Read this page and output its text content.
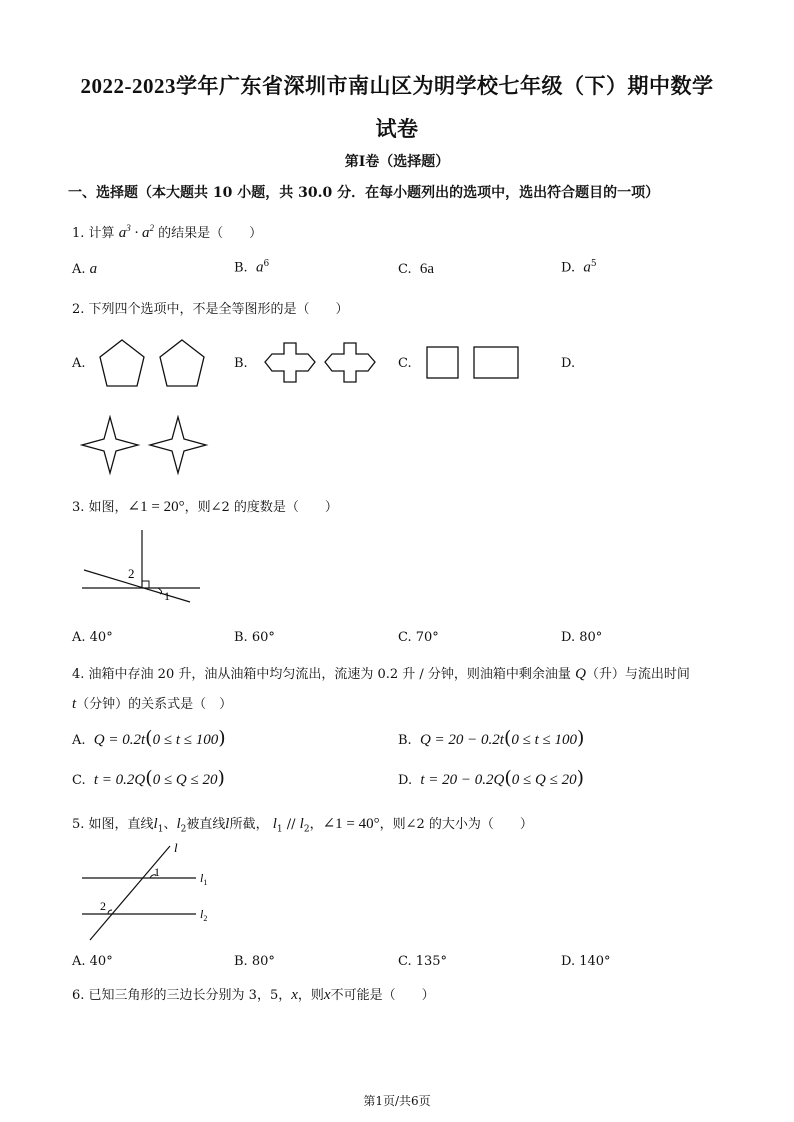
2022-2023学年广东省深圳市南山区为明学校七年级（下）期中数学
试卷
第I卷（选择题）
一、选择题（本大题共 10 小题，共 30.0 分．在每小题列出的选项中，选出符合题目的一项）
1. 计算 $a^3 \cdot a^2$ 的结果是（　　）
A. a	B. $a^6$	C. 6a	D. $a^5$
2. 下列四个选项中，不是全等图形的是（　　）
A.	B.	C.	D.
3. 如图，∠1 = 20°，则∠2 的度数是（　　）
2
1
A. 40°	B. 60°	C. 70°	D. 80°
4. 油箱中存油 20 升，油从油箱中均匀流出，流速为 0.2 升 / 分钟，则油箱中剩余油量 Q（升）与流出时间
t（分钟）的关系式是（　）
A. Q = 0.2t(0 ≤ t ≤ 100)	B. Q = 20 − 0.2t(0 ≤ t ≤ 100)
C. t = 0.2Q(0 ≤ Q ≤ 20)	D. t = 20 − 0.2Q(0 ≤ Q ≤ 20)
5. 如图，直线$l_1$、$l_2$被直线l所截， $l_1 // l_2$，∠1 = 40°，则∠2 的大小为（　　）
l
1
2
$l_1$
$l_2$
A. 40°	B. 80°	C. 135°	D. 140°
6. 已知三角形的三边长分别为 3，5，x，则x不可能是（　　）
第1页/共6页
